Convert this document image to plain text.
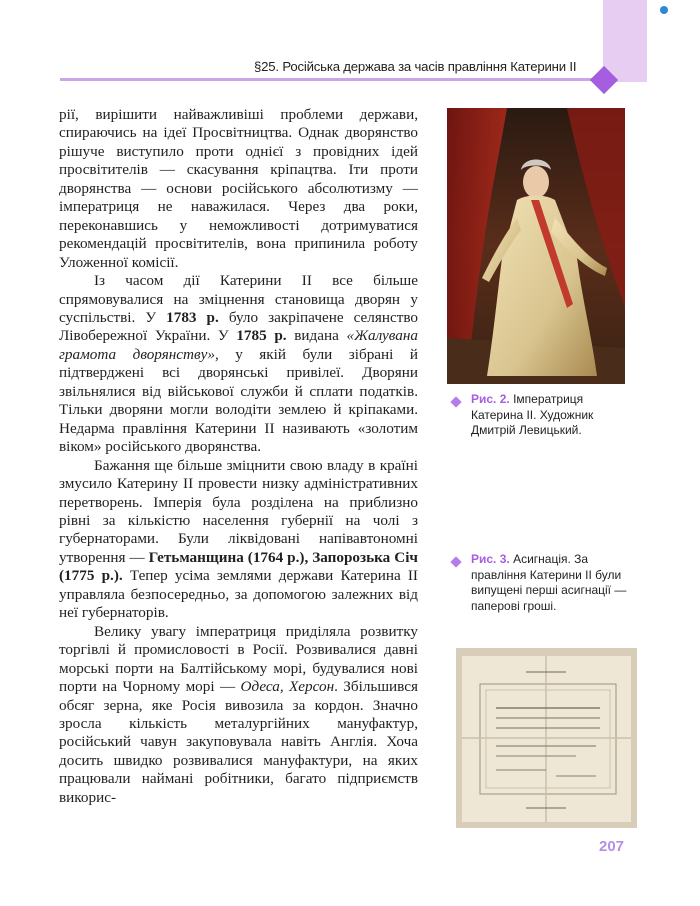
§25. Російська держава за часів правління Катерини ІІ

рії, вирішити найважливіші проблеми держави, спираючись на ідеї Просвітництва. Однак дворянство рішуче виступило проти однієї з провідних ідей просвітителів — скасування кріпацтва. Іти проти дворянства — основи російського абсолютизму — імператриця не наважилася. Через два роки, переконавшись у неможливості дотримуватися рекомендацій просвітителів, вона припинила роботу Уложенної комісії.

Із часом дії Катерини ІІ все більше спрямовувалися на зміцнення становища дворян у суспільстві. У 1783 р. було закріпачене селянство Лівобережної України. У 1785 р. видана «Жалувана грамота дворянству», у якій були зібрані й підтверджені всі дворянські привілеї. Дворяни звільнялися від військової служби й сплати податків. Тільки дворяни могли володіти землею й кріпаками. Недарма правління Катерини ІІ називають «золотим віком» російського дворянства.

Бажання ще більше зміцнити свою владу в країні змусило Катерину ІІ провести низку адміністративних перетворень. Імперія була розділена на приблизно рівні за кількістю населення губернії на чолі з губернаторами. Були ліквідовані напівавтономні утворення — Гетьманщина (1764 р.), Запорозька Січ (1775 р.). Тепер усіма землями держави Катерина ІІ управляла безпосередньо, за допомогою залежних від неї губернаторів.

Велику увагу імператриця приділяла розвитку торгівлі й промисловості в Росії. Розвивалися давні морські порти на Балтійському морі, будувалися нові порти на Чорному морі — Одеса, Херсон. Збільшився обсяг зерна, яке Росія вивозила за кордон. Значно зросла кількість металургійних мануфактур, російський чавун закуповувала навіть Англія. Хоча досить швидко розвивалися мануфактури, на яких працювали наймані робітники, багато підприємств викорис-

Рис. 2. Імператриця Катерина ІІ. Художник Дмитрій Левицький.
Рис. 3. Асигнація. За правління Катерини ІІ були випущені перші асигнації — паперові гроші.
207
